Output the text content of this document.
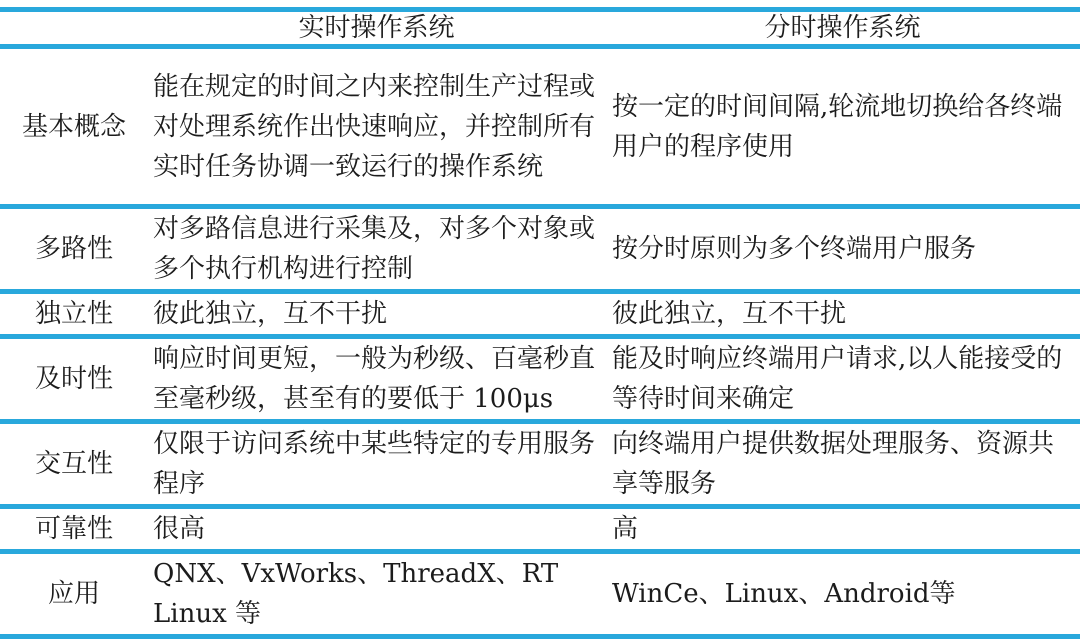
	实时操作系统	分时操作系统
基本概念	能在规定的时间之内来控制生产过程或对处理系统作出快速响应，并控制所有实时任务协调一致运行的操作系统	按一定的时间间隔,轮流地切换给各终端用户的程序使用
多路性	对多路信息进行采集及，对多个对象或多个执行机构进行控制	按分时原则为多个终端用户服务
独立性	彼此独立，互不干扰	彼此独立，互不干扰
及时性	响应时间更短，一般为秒级、百毫秒直至毫秒级，甚至有的要低于 100μs	能及时响应终端用户请求,以人能接受的等待时间来确定
交互性	仅限于访问系统中某些特定的专用服务程序	向终端用户提供数据处理服务、资源共享等服务
可靠性	很高	高
应用	QNX、VxWorks、ThreadX、RT Linux 等	WinCe、Linux、Android等
